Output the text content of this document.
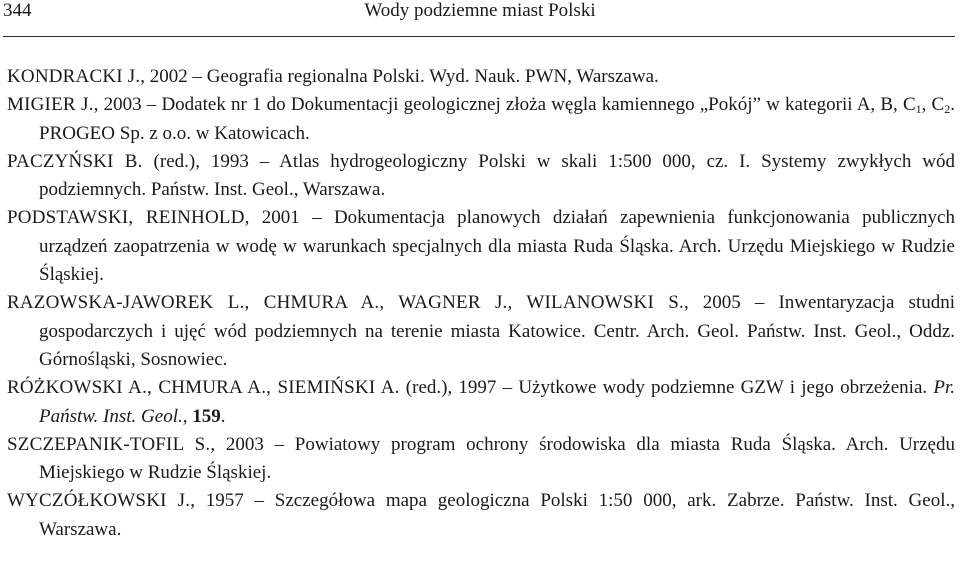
344	Wody podziemne miast Polski
KONDRACKI J., 2002 – Geografia regionalna Polski. Wyd. Nauk. PWN, Warszawa.
MIGIER J., 2003 – Dodatek nr 1 do Dokumentacji geologicznej złoża węgla kamiennego „Pokój” w kategorii A, B, $C_1$, $C_2$. PROGEO Sp. z o.o. w Katowicach.
PACZYŃSKI B. (red.), 1993 – Atlas hydrogeologiczny Polski w skali 1:500 000, cz. I. Systemy zwykłych wód podziemnych. Państw. Inst. Geol., Warszawa.
PODSTAWSKI, REINHOLD, 2001 – Dokumentacja planowych działań zapewnienia funkcjonowania publicznych urządzeń zaopatrzenia w wodę w warunkach specjalnych dla miasta Ruda Śląska. Arch. Urzędu Miejskiego w Rudzie Śląskiej.
RAZOWSKA-JAWOREK L., CHMURA A., WAGNER J., WILANOWSKI S., 2005 – Inwentaryzacja studni gospodarczych i ujęć wód podziemnych na terenie miasta Katowice. Centr. Arch. Geol. Państw. Inst. Geol., Oddz. Górnośląski, Sosnowiec.
RÓŻKOWSKI A., CHMURA A., SIEMIŃSKI A. (red.), 1997 – Użytkowe wody podziemne GZW i jego obrzeżenia. Pr. Państw. Inst. Geol., 159.
SZCZEPANIK-TOFIL S., 2003 – Powiatowy program ochrony środowiska dla miasta Ruda Śląska. Arch. Urzędu Miejskiego w Rudzie Śląskiej.
WYCZÓŁKOWSKI J., 1957 – Szczegółowa mapa geologiczna Polski 1:50 000, ark. Zabrze. Państw. Inst. Geol., Warszawa.
